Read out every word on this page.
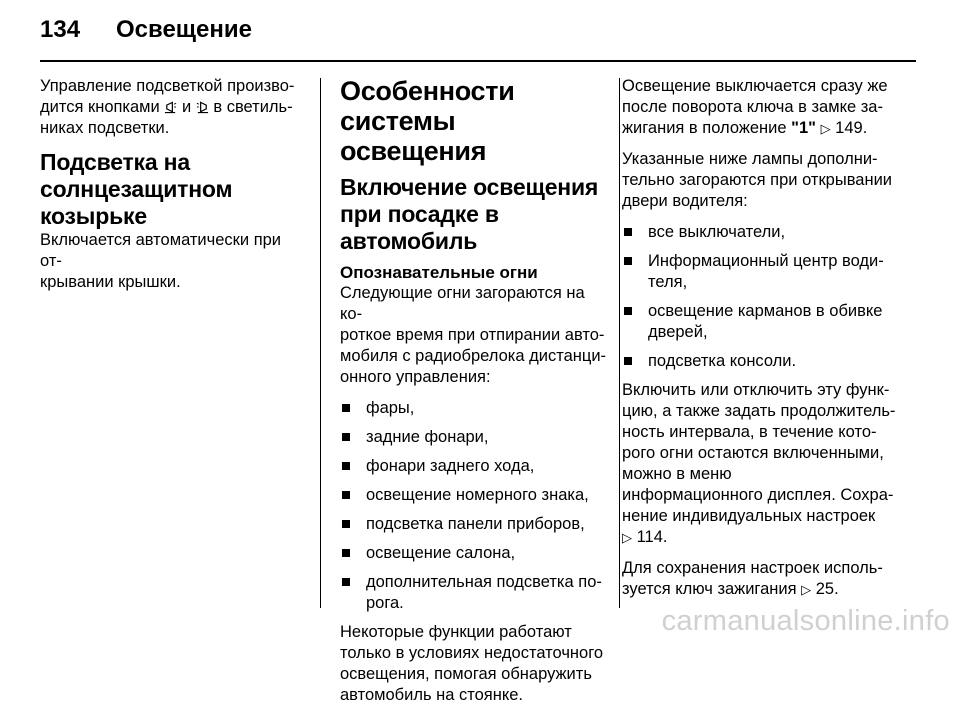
134 Освещение

Управление подсветкой произво-
дится кнопками и в светиль-
никах подсветки.

Подсветка на
солнцезащитном
козырьке

Включается автоматически при от-
крывании крышки.

Особенности системы
освещения
Включение освещения
при посадке в
автомобиль
Опознавательные огни

Следующие огни загораются на ко-
роткое время при отпирании авто-
мобиля с радиобрелока дистанци-
онного управления:

фары,
задние фонари,
фонари заднего хода,
освещение номерного знака,
подсветка панели приборов,
освещение салона,
дополнительная подсветка по-
рога.

Некоторые функции работают
только в условиях недостаточного
освещения, помогая обнаружить
автомобиль на стоянке.

Освещение выключается сразу же
после поворота ключа в замке за-
жигания в положение "1" ▷ 149.

Указанные ниже лампы дополни-
тельно загораются при открывании
двери водителя:

все выключатели,
Информационный центр води-
теля,
освещение карманов в обивке
дверей,
подсветка консоли.

Включить или отключить эту функ-
цию, а также задать продолжитель-
ность интервала, в течение кото-
рого огни остаются включенными,
можно в меню
информационного дисплея. Сохра-
нение индивидуальных настроек
▷ 114.

Для сохранения настроек исполь-
зуется ключ зажигания ▷ 25.

carmanualsonline.info
